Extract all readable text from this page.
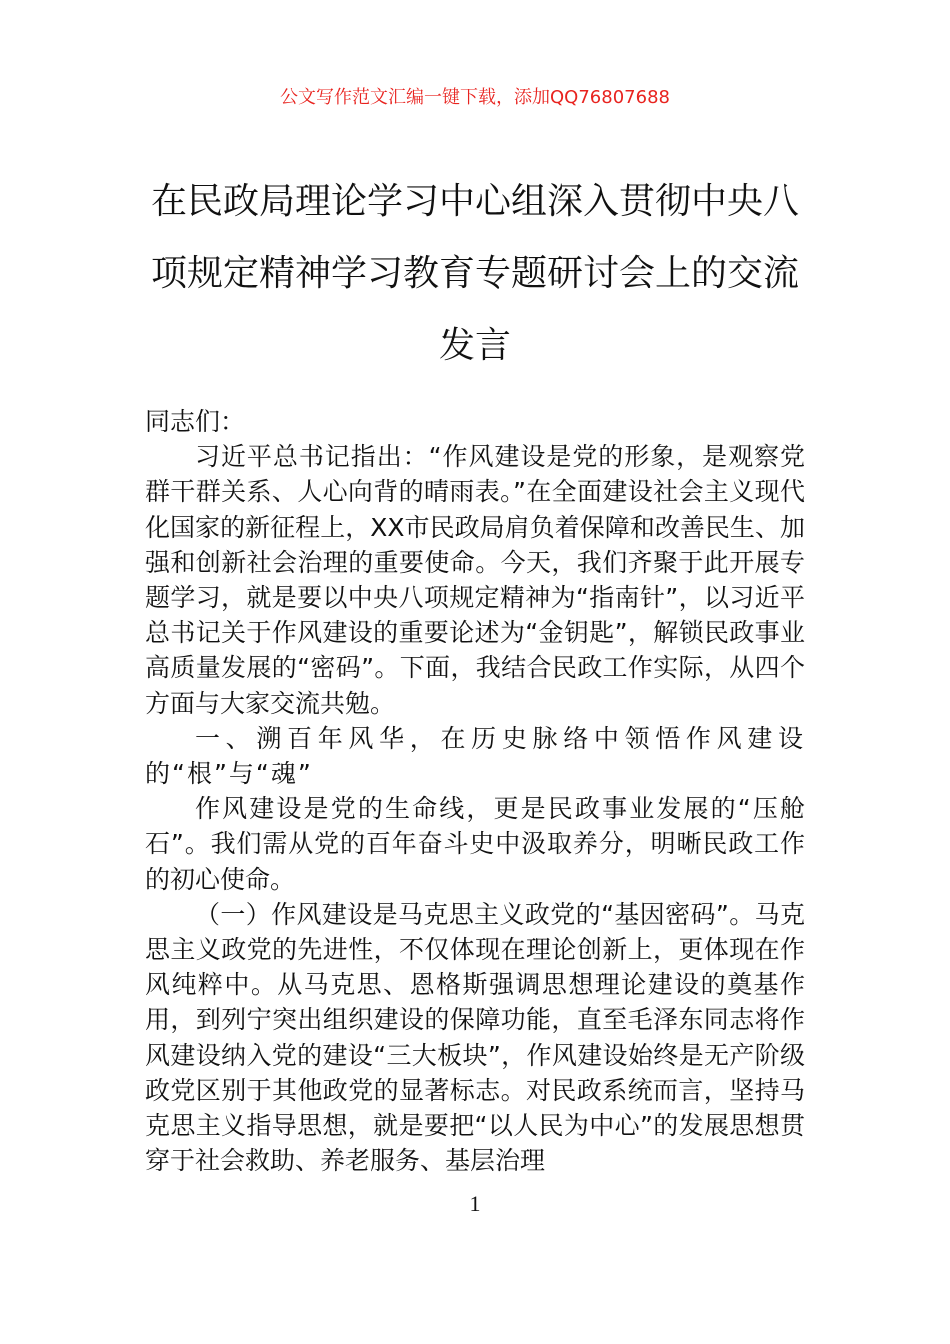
公文写作范文汇编一键下载，添加QQ76807688
在民政局理论学习中心组深入贯彻中央八
项规定精神学习教育专题研讨会上的交流
发言

同志们：

习近平总书记指出：“作风建设是党的形象，是观察党群干群关系、人心向背的晴雨表。”在全面建设社会主义现代化国家的新征程上，XX市民政局肩负着保障和改善民生、加强和创新社会治理的重要使命。今天，我们齐聚于此开展专题学习，就是要以中央八项规定精神为“指南针”，以习近平总书记关于作风建设的重要论述为“金钥匙”，解锁民政事业高质量发展的“密码”。下面，我结合民政工作实际，从四个方面与大家交流共勉。

一、溯百年风华，在历史脉络中领悟作风建设的“根”与“魂”

作风建设是党的生命线，更是民政事业发展的“压舱石”。我们需从党的百年奋斗史中汲取养分，明晰民政工作的初心使命。

（一）作风建设是马克思主义政党的“基因密码”。马克思主义政党的先进性，不仅体现在理论创新上，更体现在作风纯粹中。从马克思、恩格斯强调思想理论建设的奠基作用，到列宁突出组织建设的保障功能，直至毛泽东同志将作风建设纳入党的建设“三大板块”，作风建设始终是无产阶级政党区别于其他政党的显著标志。对民政系统而言，坚持马克思主义指导思想，就是要把“以人民为中心”的发展思想贯穿于社会救助、养老服务、基层治理

1
